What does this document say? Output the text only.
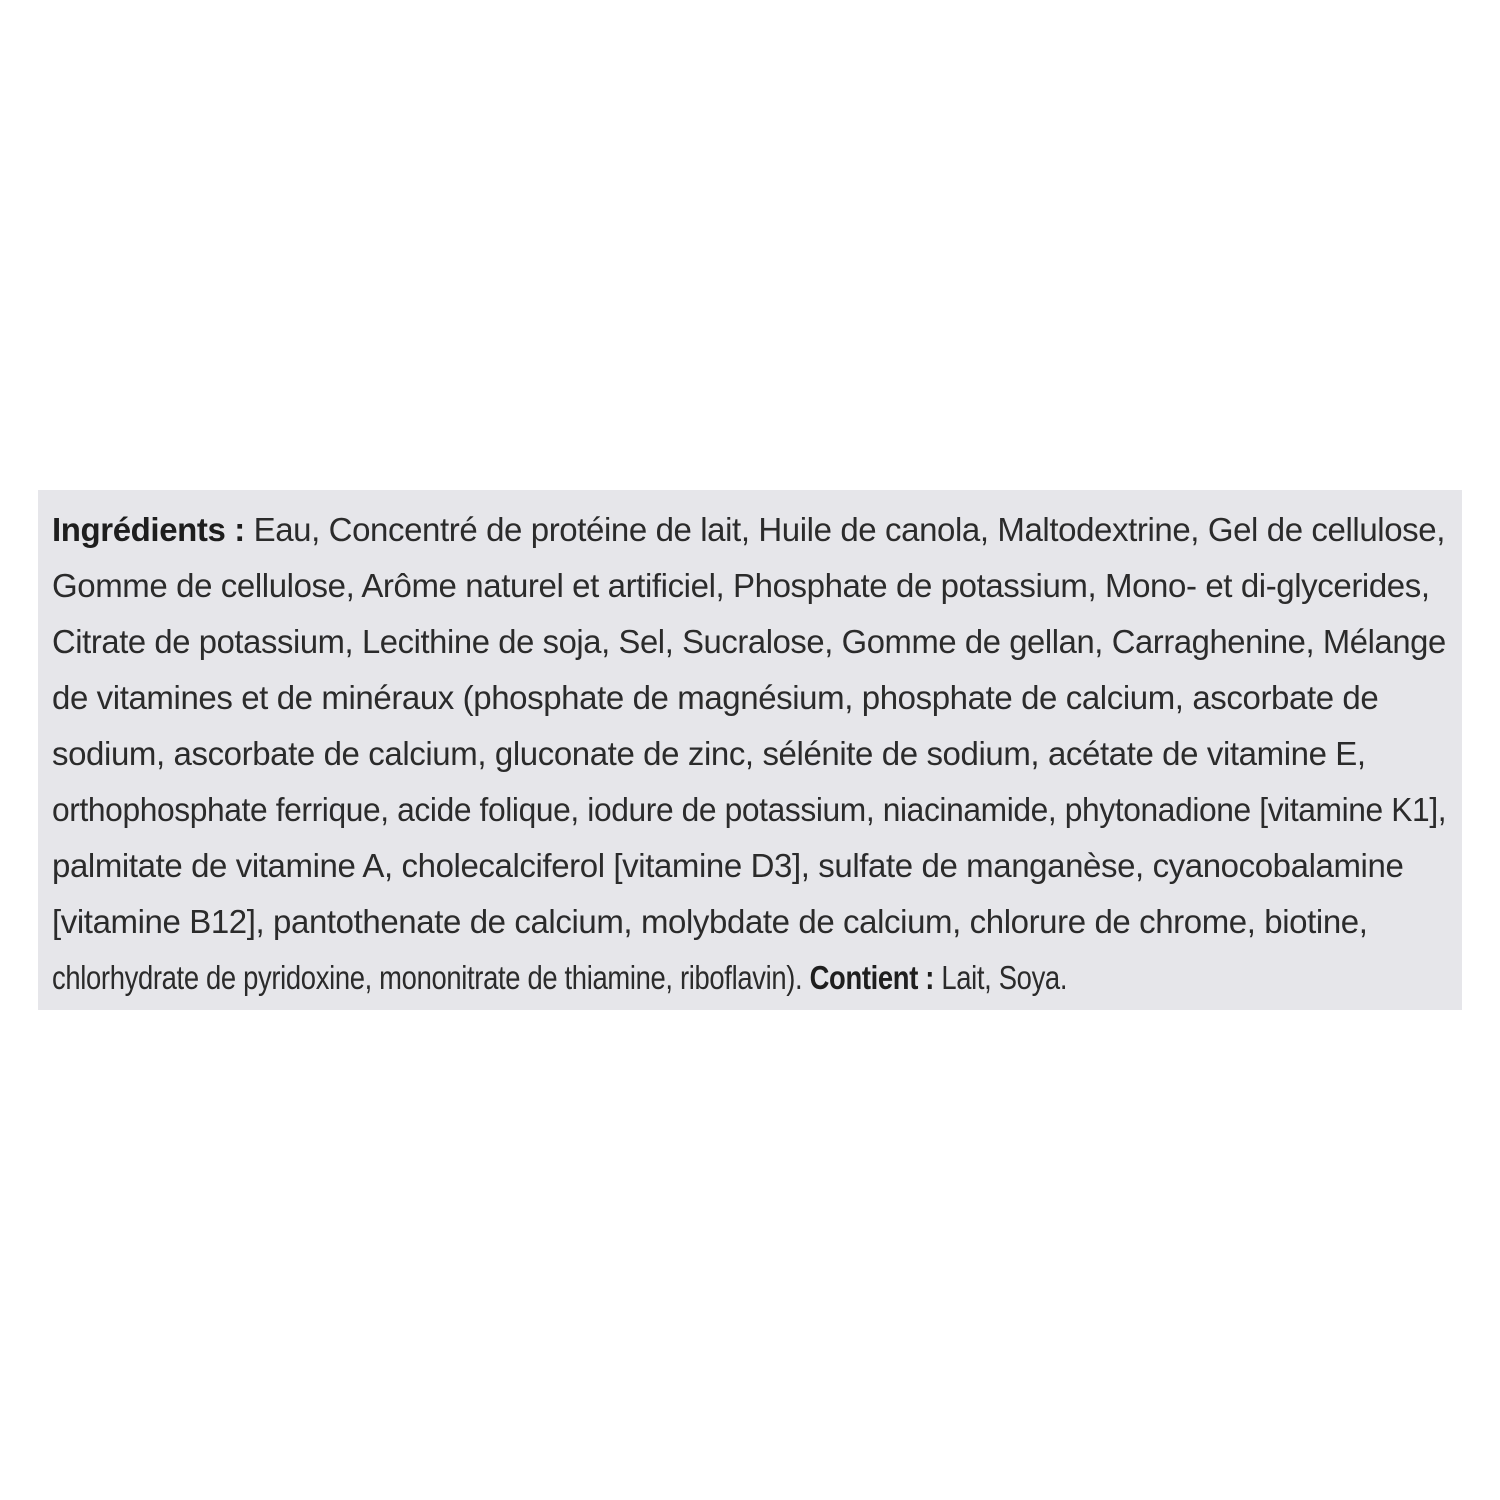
Ingrédients : Eau, Concentré de protéine de lait, Huile de canola, Maltodextrine, Gel de cellulose,
Gomme de cellulose, Arôme naturel et artificiel, Phosphate de potassium, Mono- et di-glycerides,
Citrate de potassium, Lecithine de soja, Sel, Sucralose, Gomme de gellan, Carraghenine, Mélange
de vitamines et de minéraux (phosphate de magnésium, phosphate de calcium, ascorbate de
sodium, ascorbate de calcium, gluconate de zinc, sélénite de sodium, acétate de vitamine E,
orthophosphate ferrique, acide folique, iodure de potassium, niacinamide, phytonadione [vitamine K1],
palmitate de vitamine A, cholecalciferol [vitamine D3], sulfate de manganèse, cyanocobalamine
[vitamine B12], pantothenate de calcium, molybdate de calcium, chlorure de chrome, biotine,
chlorhydrate de pyridoxine, mononitrate de thiamine, riboflavin). Contient : Lait, Soya.
